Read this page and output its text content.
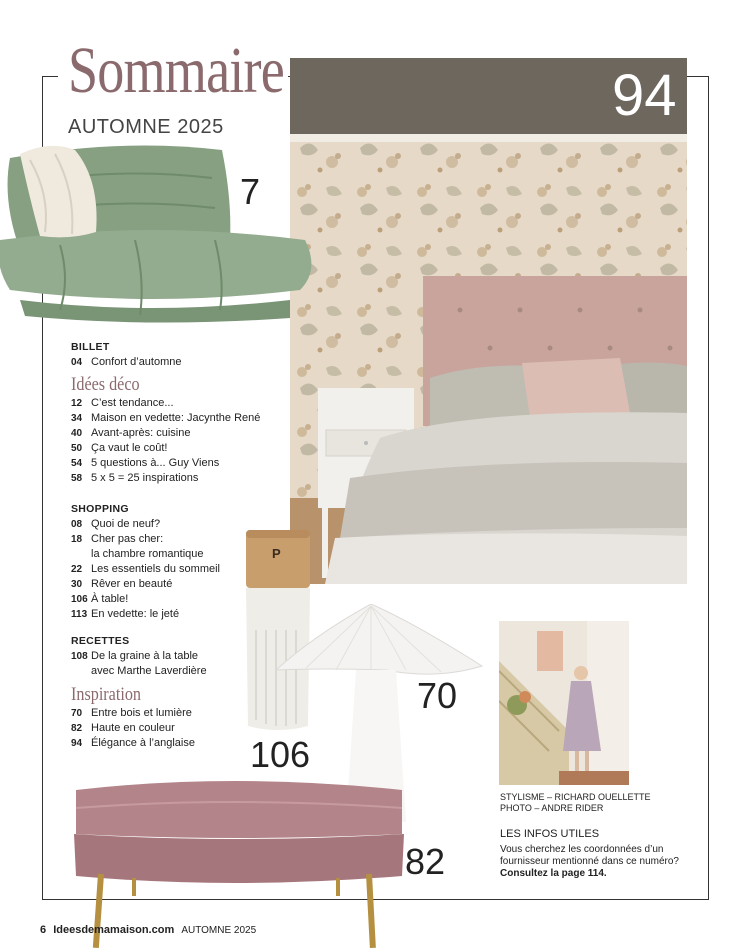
Sommaire
AUTOMNE 2025	94
7
BILLET
04 Confort d’automne
Idées déco
12 C’est tendance...
34 Maison en vedette: Jacynthe René
40 Avant-après: cuisine
50 Ça vaut le coût!
54 5 questions à... Guy Viens
58 5 x 5 = 25 inspirations
SHOPPING
08 Quoi de neuf?
18 Cher pas cher:
la chambre romantique
22 Les essentiels du sommeil
30 Rêver en beauté
106 À table!
113 En vedette: le jeté
RECETTES
108 De la graine à la table
avec Marthe Laverdière
Inspiration
70 Entre bois et lumière
82 Haute en couleur
94 Élégance à l’anglaise
P
106
70
82
STYLISME – RICHARD OUELLETTE
PHOTO – ANDRE RIDER
LES INFOS UTILES
Vous cherchez les coordonnées d’un
fournisseur mentionné dans ce numéro?
Consultez la page 114.
6 Ideesdemamaison.com AUTOMNE 2025
